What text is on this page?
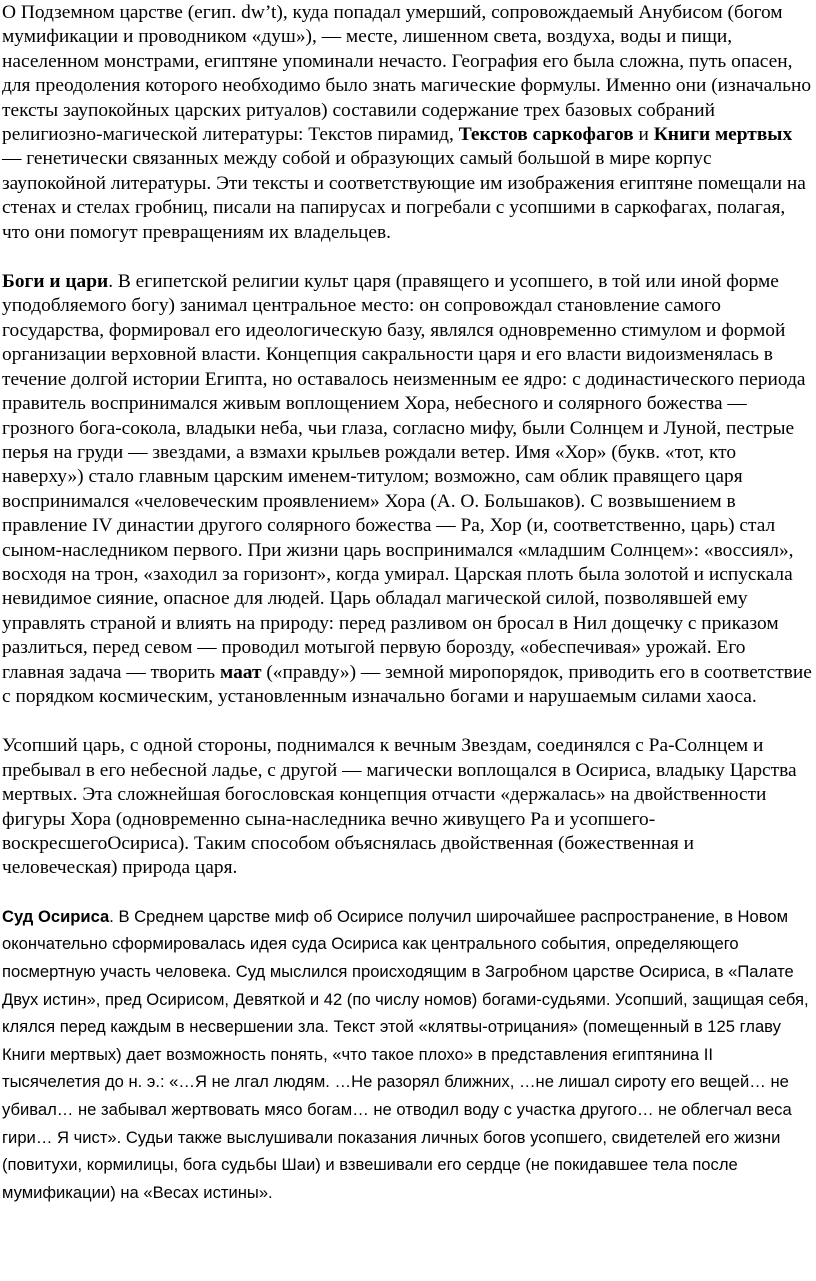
О Подземном царстве (егип. dw’t), куда попадал умерший, сопровождаемый Анубисом (богом мумификации и проводником «душ»), — месте, лишенном света, воздуха, воды и пищи, населенном монстрами, египтяне упоминали нечасто. География его была сложна, путь опасен, для преодоления которого необходимо было знать магические формулы. Именно они (изначально тексты заупокойных царских ритуалов) составили содержание трех базовых собраний религиозно-магической литературы: Текстов пирамид, Текстов саркофагов и Книги мертвых — генетически связанных между собой и образующих самый большой в мире корпус заупокойной литературы. Эти тексты и соответствующие им изображения египтяне помещали на стенах и стелах гробниц, писали на папирусах и погребали с усопшими в саркофагах, полагая, что они помогут превращениям их владельцев.

Боги и цари. В египетской религии культ царя (правящего и усопшего, в той или иной форме уподобляемого богу) занимал центральное место: он сопровождал становление самого государства, формировал его идеологическую базу, являлся одновременно стимулом и формой организации верховной власти. Концепция сакральности царя и его власти видоизменялась в течение долгой истории Египта, но оставалось неизменным ее ядро: с додинастического периода правитель воспринимался живым воплощением Хора, небесного и солярного божества — грозного бога-сокола, владыки неба, чьи глаза, согласно мифу, были Солнцем и Луной, пестрые перья на груди — звездами, а взмахи крыльев рождали ветер. Имя «Хор» (букв. «тот, кто наверху») стало главным царским именем-титулом; возможно, сам облик правящего царя воспринимался «человеческим проявлением» Хора (А. О. Большаков). С возвышением в правление IV династии другого солярного божества — Ра, Хор (и, соответственно, царь) стал сыном-наследником первого. При жизни царь воспринимался «младшим Солнцем»: «воссиял», восходя на трон, «заходил за горизонт», когда умирал. Царская плоть была золотой и испускала невидимое сияние, опасное для людей. Царь обладал магической силой, позволявшей ему управлять страной и влиять на природу: перед разливом он бросал в Нил дощечку с приказом разлиться, перед севом — проводил мотыгой первую борозду, «обеспечивая» урожай. Его главная задача — творить маат («правду») — земной миропорядок, приводить его в соответствие с порядком космическим, установленным изначально богами и нарушаемым силами хаоса.

Усопший царь, с одной стороны, поднимался к вечным Звездам, соединялся с Ра-Солнцем и пребывал в его небесной ладье, с другой — магически воплощался в Осириса, владыку Царства мертвых. Эта сложнейшая богословская концепция отчасти «держалась» на двойственности фигуры Хора (одновременно сына-наследника вечно живущего Ра и усопшего-воскресшегоОсириса). Таким способом объяснялась двойственная (божественная и человеческая) природа царя.

Суд Осириса. В Среднем царстве миф об Осирисе получил широчайшее распространение, в Новом окончательно сформировалась идея суда Осириса как центрального события, определяющего посмертную участь человека. Суд мыслился происходящим в Загробном царстве Осириса, в «Палате Двух истин», пред Осирисом, Девяткой и 42 (по числу номов) богами-судьями. Усопший, защищая себя, клялся перед каждым в несвершении зла. Текст этой «клятвы-отрицания» (помещенный в 125 главу Книги мертвых) дает возможность понять, «что такое плохо» в представления египтянина II тысячелетия до н. э.: «…Я не лгал людям. …Не разорял ближних, …не лишал сироту его вещей… не убивал… не забывал жертвовать мясо богам… не отводил воду с участка другого… не облегчал веса гири… Я чист». Судьи также выслушивали показания личных богов усопшего, свидетелей его жизни (повитухи, кормилицы, бога судьбы Шаи) и взвешивали его сердце (не покидавшее тела после мумификации) на «Весах истины».
